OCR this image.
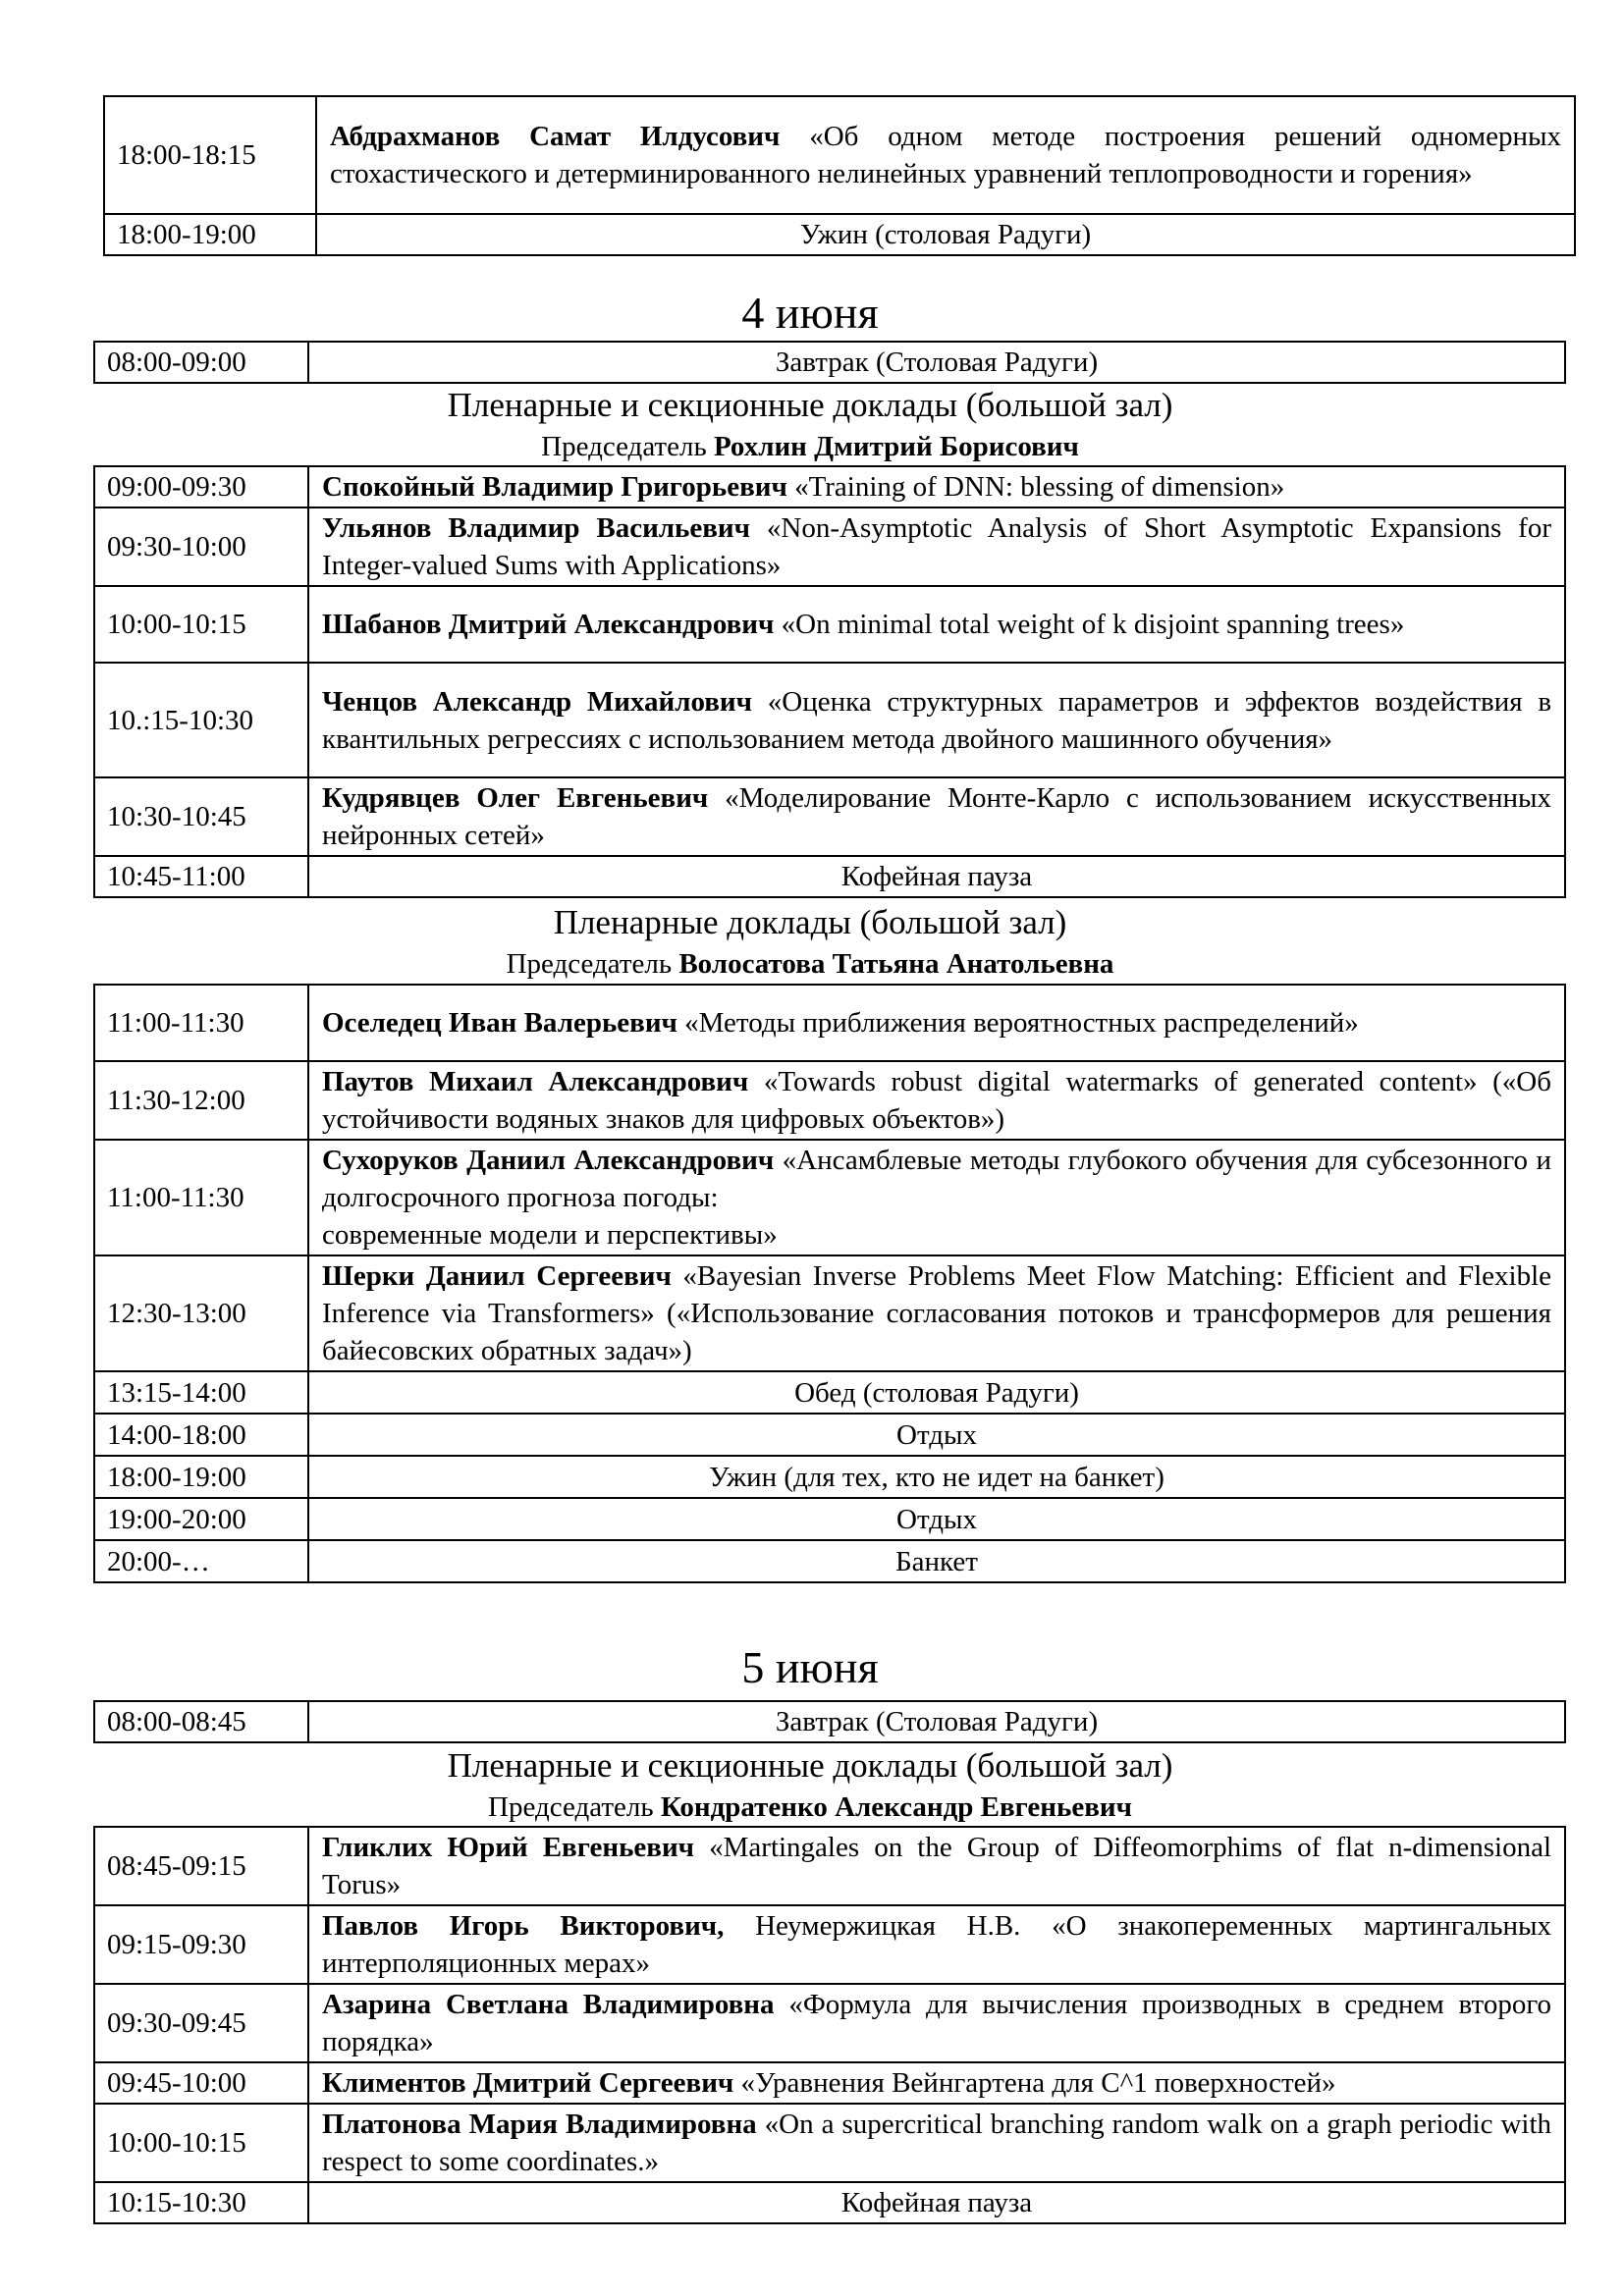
18:00-18:15	Абдрахманов Самат Илдусович «Об одном методе построения решений одномерных стохастического и детерминированного нелинейных уравнений теплопроводности и горения»
18:00-19:00	Ужин (столовая Радуги)
4 июня
08:00-09:00	Завтрак (Столовая Радуги)
Пленарные и секционные доклады (большой зал)
Председатель Рохлин Дмитрий Борисович
09:00-09:30	Спокойный Владимир Григорьевич «Training of DNN: blessing of dimension»
09:30-10:00	Ульянов Владимир Васильевич «Non-Asymptotic Analysis of Short Asymptotic Expansions for Integer-valued Sums with Applications»
10:00-10:15	Шабанов Дмитрий Александрович «On minimal total weight of k disjoint spanning trees»
10.:15-10:30	Ченцов Александр Михайлович «Оценка структурных параметров и эффектов воздействия в квантильных регрессиях с использованием метода двойного машинного обучения»
10:30-10:45	Кудрявцев Олег Евгеньевич «Моделирование Монте-Карло с использованием искусственных нейронных сетей»
10:45-11:00	Кофейная пауза
Пленарные доклады (большой зал)
Председатель Волосатова Татьяна Анатольевна
11:00-11:30	Оселедец Иван Валерьевич «Методы приближения вероятностных распределений»
11:30-12:00	Паутов Михаил Александрович «Towards robust digital watermarks of generated content» («Об устойчивости водяных знаков для цифровых объектов»)
11:00-11:30	Сухоруков Даниил Александрович «Ансамблевые методы глубокого обучения для субсезонного и долгосрочного прогноза погоды:
современные модели и перспективы»
12:30-13:00	Шерки Даниил Сергеевич «Bayesian Inverse Problems Meet Flow Matching: Efficient and Flexible Inference via Transformers» («Использование согласования потоков и трансформеров для решения байесовских обратных задач»)
13:15-14:00	Обед (столовая Радуги)
14:00-18:00	Отдых
18:00-19:00	Ужин (для тех, кто не идет на банкет)
19:00-20:00	Отдых
20:00-…	Банкет
5 июня
08:00-08:45	Завтрак (Столовая Радуги)
Пленарные и секционные доклады (большой зал)
Председатель Кондратенко Александр Евгеньевич
08:45-09:15	Гликлих Юрий Евгеньевич «Martingales on the Group of Diffeomorphims of flat n-dimensional Torus»
09:15-09:30	Павлов Игорь Викторович, Неумержицкая Н.В. «О знакопеременных мартингальных интерполяционных мерах»
09:30-09:45	Азарина Светлана Владимировна «Формула для вычисления производных в среднем второго порядка»
09:45-10:00	Климентов Дмитрий Сергеевич «Уравнения Вейнгартена для C^1 поверхностей»
10:00-10:15	Платонова Мария Владимировна «On a supercritical branching random walk on a graph periodic with respect to some coordinates.»
10:15-10:30	Кофейная пауза
